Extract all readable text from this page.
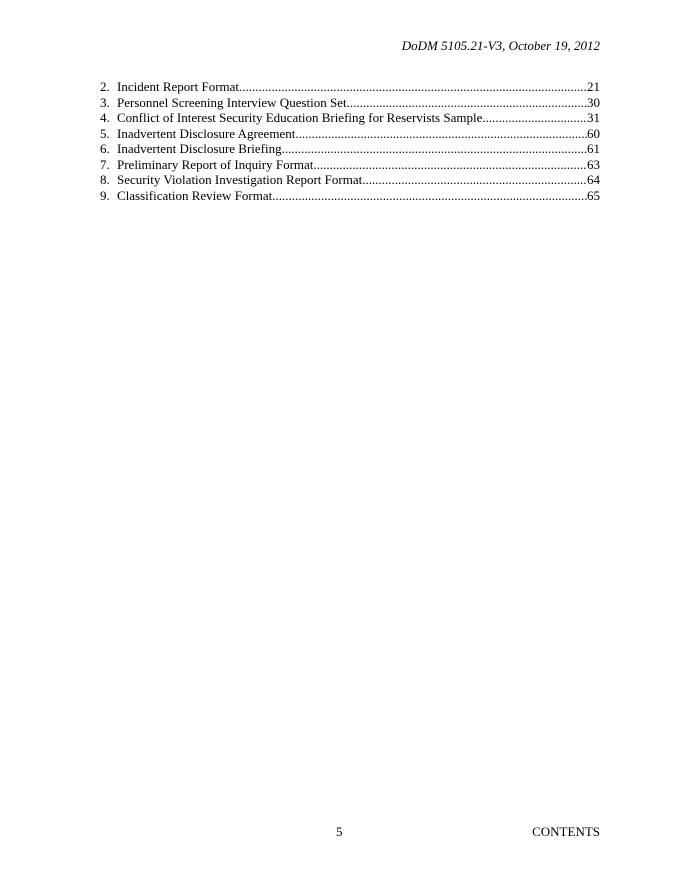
DoDM 5105.21-V3, October 19, 2012
2. Incident Report Format .....	21
3. Personnel Screening Interview Question Set .....	30
4. Conflict of Interest Security Education Briefing for Reservists Sample .....	31
5. Inadvertent Disclosure Agreement .....	60
6. Inadvertent Disclosure Briefing .....	61
7. Preliminary Report of Inquiry Format .....	63
8. Security Violation Investigation Report Format .....	64
9. Classification Review Format .....	65
5	CONTENTS
